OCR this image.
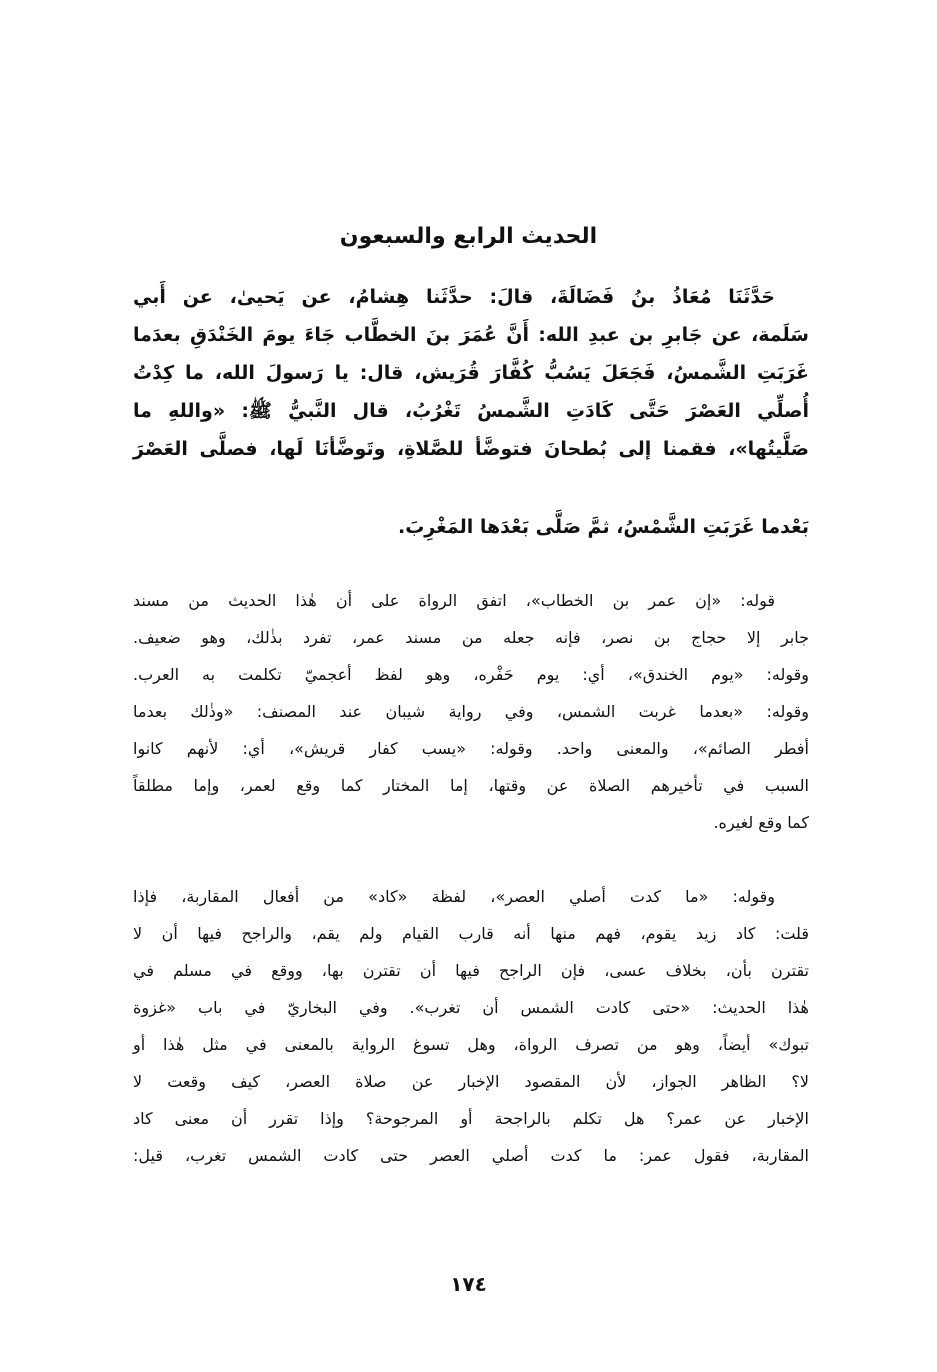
الحديث الرابع والسبعون
حَدَّثَنَا مُعَاذُ بنُ فَضَالَةَ، قالَ: حدَّثَنا هِشامُ، عن يَحيىٰ، عن أَبي
سَلَمة، عن جَابرِ بن عبدِ الله: أَنَّ عُمَرَ بنَ الخطَّاب جَاءَ يومَ الخَنْدَقِ بعدَما
غَرَبَتِ الشَّمسُ، فَجَعَلَ يَسُبُّ كُفَّارَ قُرَيش، قال: يا رَسولَ الله، ما كِدْتُ
أُصلِّي العَصْرَ حَتَّى كَادَتِ الشَّمسُ تَغْرُبُ، قال النَّبيُّ ﷺ: «واللهِ ما
صَلَّيتُها»، فقمنا إلى بُطحانَ فتوضَّأ للصَّلاةِ، وتَوضَّأنَا لَها، فصلَّى العَصْرَ
بَعْدما غَرَبَتِ الشَّمْسُ، ثمَّ صَلَّى بَعْدَها المَغْرِبَ.
قوله: «إن عمر بن الخطاب»، اتفق الرواة على أن هٰذا الحديث من مسند
جابر إلا حجاج بن نصر، فإنه جعله من مسند عمر، تفرد بذٰلك، وهو ضعيف.
وقوله: «يوم الخندق»، أي: يوم حَفْره، وهو لفظ أعجميّ تكلمت به العرب.
وقوله: «بعدما غربت الشمس، وفي رواية شيبان عند المصنف: «وذٰلك بعدما
أفطر الصائم»، والمعنى واحد. وقوله: «يسب كفار قريش»، أي: لأنهم كانوا
السبب في تأخيرهم الصلاة عن وقتها، إما المختار كما وقع لعمر، وإما مطلقاً
كما وقع لغيره.
وقوله: «ما كدت أصلي العصر»، لفظة «كاد» من أفعال المقاربة، فإذا
قلت: كاد زيد يقوم، فهم منها أنه قارب القيام ولم يقم، والراجح فيها أن لا
تقترن بأن، بخلاف عسى، فإن الراجح فيها أن تقترن بها، ووقع في مسلم في
هٰذا الحديث: «حتى كادت الشمس أن تغرب». وفي البخاريّ في باب «غزوة
تبوك» أيضاً، وهو من تصرف الرواة، وهل تسوغ الرواية بالمعنى في مثل هٰذا أو
لا؟ الظاهر الجواز، لأن المقصود الإخبار عن صلاة العصر، كيف وقعت لا
الإخبار عن عمر؟ هل تكلم بالراجحة أو المرجوحة؟ وإذا تقرر أن معنى كاد
المقاربة، فقول عمر: ما كدت أصلي العصر حتى كادت الشمس تغرب، قيل:
١٧٤
